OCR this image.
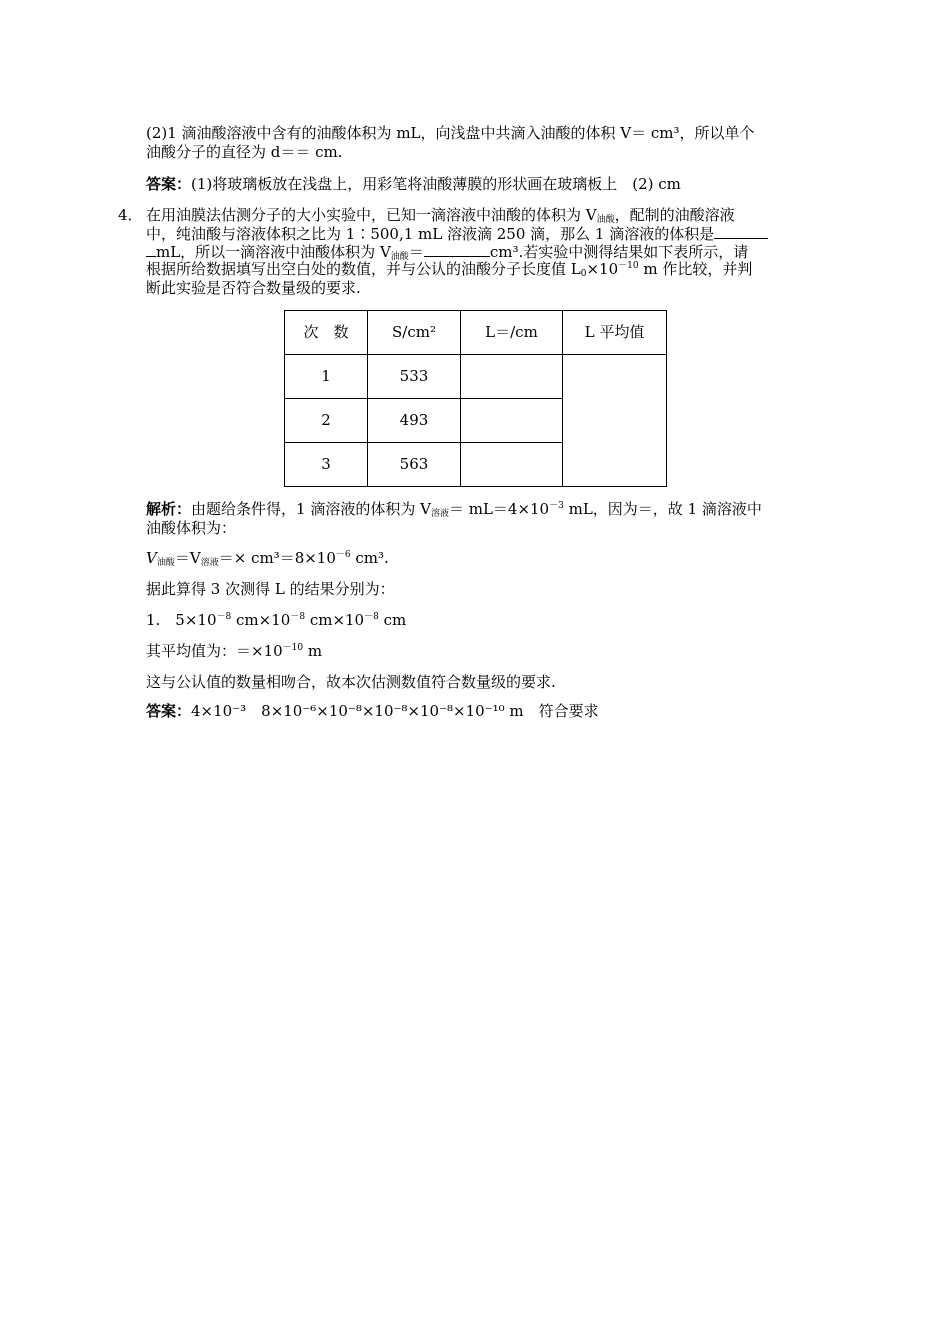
(2)1 滴油酸溶液中含有的油酸体积为 mL，向浅盘中共滴入油酸的体积 V＝ cm³，所以单个
油酸分子的直径为 d＝＝ cm.
答案：(1)将玻璃板放在浅盘上，用彩笔将油酸薄膜的形状画在玻璃板上　(2) cm
4． 在用油膜法估测分子的大小实验中，已知一滴溶液中油酸的体积为 $V_{油酸}$，配制的油酸溶液
中，纯油酸与溶液体积之比为 1∶500,1 mL 溶液滴 250 滴，那么 1 滴溶液的体积是
mL，所以一滴溶液中油酸体积为 $V_{油酸}=$	cm³.若实验中测得结果如下表所示，请
根据所给数据填写出空白处的数值，并与公认的油酸分子长度值 $L_0\times 10^{-10}$ m 作比较，并判
断此实验是否符合数量级的要求.
次　数	S/cm²	L＝/cm	L 平均值
1	533		
2	493		
3	563		
解析：由题给条件得，1 滴溶液的体积为 $V_{溶液}= mL=4\times 10^{-3}$ mL，因为＝，故 1 滴溶液中
油酸体积为：
$V_{油酸}=V_{溶液}=\times cm^3=8\times 10^{-6}$ cm³.
据此算得 3 次测得 L 的结果分别为：
1.　$5\times 10^{-8}$ $cm\times 10^{-8}$ $cm\times 10^{-8}$ cm
其平均值为：$=\times 10^{-10}$ m
这与公认值的数量相吻合，故本次估测数值符合数量级的要求.
答案：4×10⁻³　8×10⁻⁶×10⁻⁸×10⁻⁸×10⁻⁸×10⁻¹⁰ m　符合要求
